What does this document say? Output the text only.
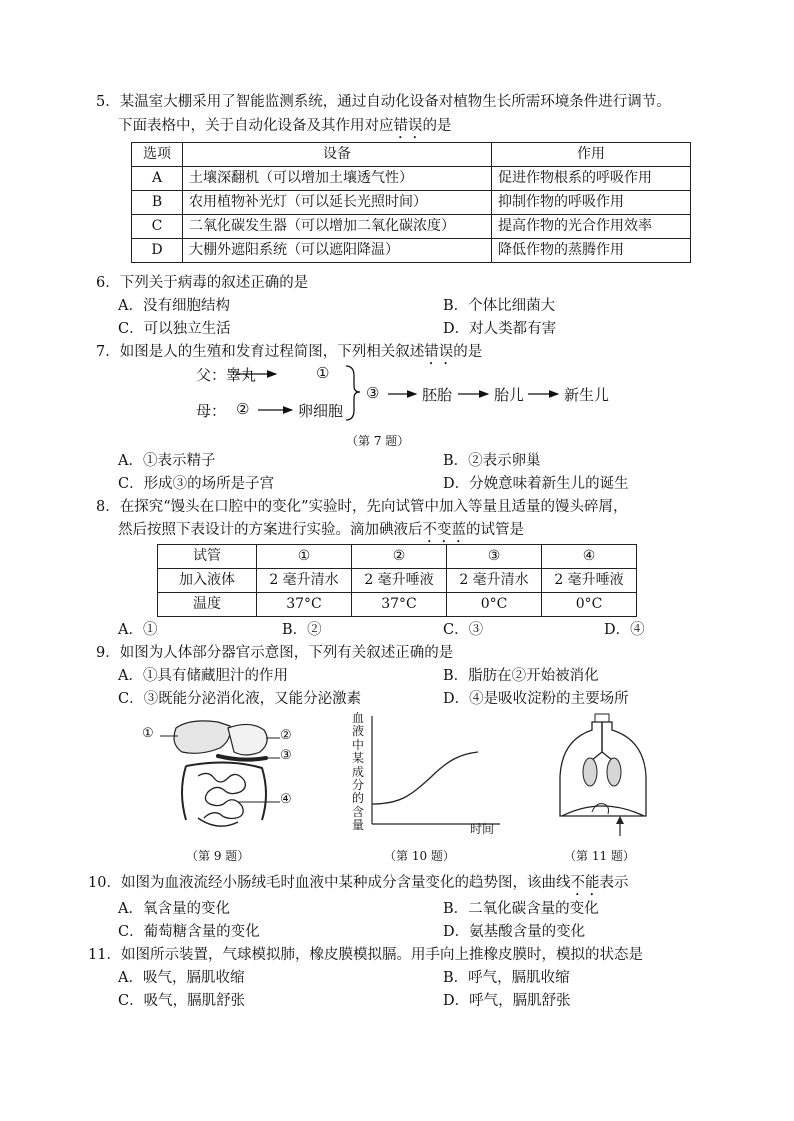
5．某温室大棚采用了智能监测系统，通过自动化设备对植物生长所需环境条件进行调节。
下面表格中，关于自动化设备及其作用对应错误的是
选项	设备	作用
A	土壤深翻机（可以增加土壤透气性）	促进作物根系的呼吸作用
B	农用植物补光灯（可以延长光照时间）	抑制作物的呼吸作用
C	二氧化碳发生器（可以增加二氧化碳浓度）	提高作物的光合作用效率
D	大棚外遮阳系统（可以遮阳降温）	降低作物的蒸腾作用
6．下列关于病毒的叙述正确的是
A．没有细胞结构	B．个体比细菌大
C．可以独立生活	D．对人类都有害
7．如图是人的生殖和发育过程简图，下列相关叙述错误的是
父：睾丸	①
母： ②	卵细胞
③	胚胎	胎儿	新生儿
（第 7 题）
A．①表示精子	B．②表示卵巢
C．形成③的场所是子宫	D．分娩意味着新生儿的诞生
8．在探究“馒头在口腔中的变化”实验时，先向试管中加入等量且适量的馒头碎屑，
然后按照下表设计的方案进行实验。滴加碘液后不变蓝的试管是
试管	①	②	③	④
加入液体	2 毫升清水	2 毫升唾液	2 毫升清水	2 毫升唾液
温度	37°C	37°C	0°C	0°C
A．①	B．②	C．③	D．④
9．如图为人体部分器官示意图，下列有关叙述正确的是
A．①具有储藏胆汁的作用	B．脂肪在②开始被消化
C．③既能分泌消化液，又能分泌激素	D．④是吸收淀粉的主要场所
①	②
③
④
（第 9 题）
血
液
中
某
成
分
的
含
量	时间
（第 10 题）	（第 11 题）
10．如图为血液流经小肠绒毛时血液中某种成分含量变化的趋势图，该曲线不能表示
A．氧含量的变化	B．二氧化碳含量的变化
C．葡萄糖含量的变化	D．氨基酸含量的变化
11．如图所示装置，气球模拟肺，橡皮膜模拟膈。用手向上推橡皮膜时，模拟的状态是
A．吸气，膈肌收缩	B．呼气，膈肌收缩
C．吸气，膈肌舒张	D．呼气，膈肌舒张
